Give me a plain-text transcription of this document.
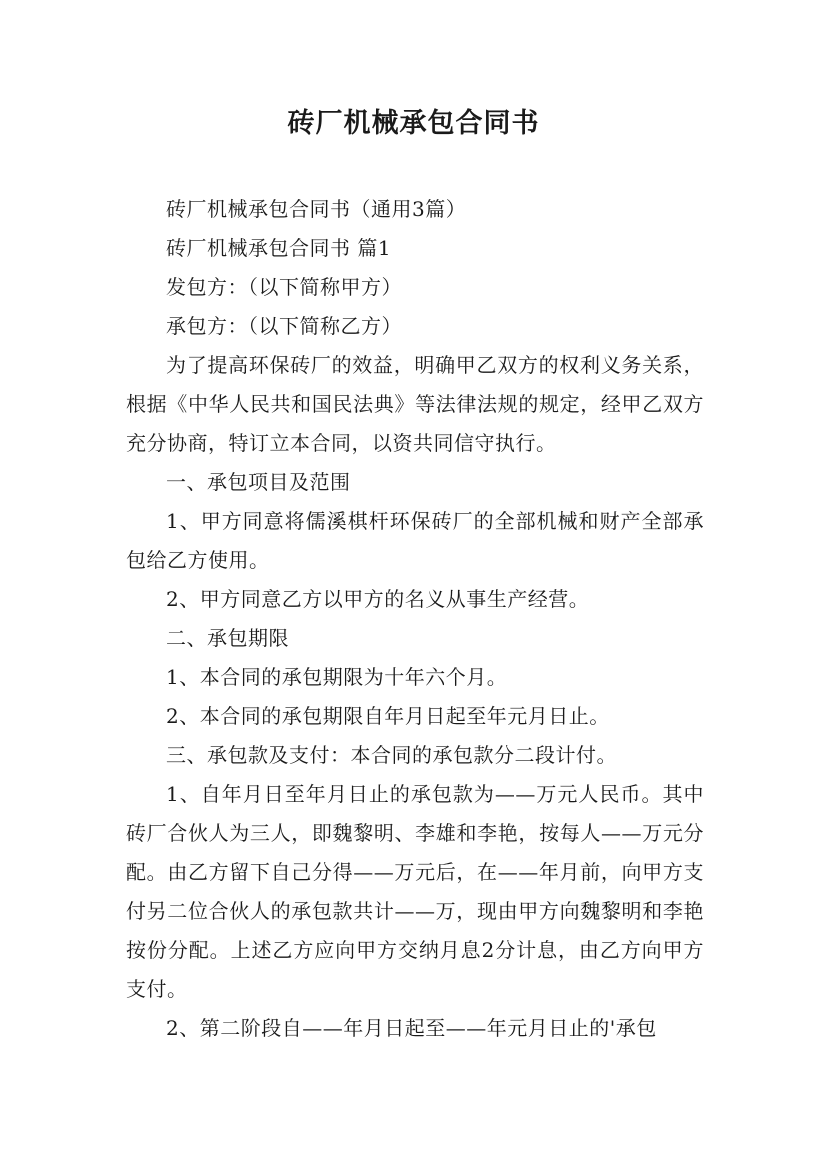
砖厂机械承包合同书

砖厂机械承包合同书（通用3篇）

砖厂机械承包合同书 篇1

发包方：（以下简称甲方）

承包方：（以下简称乙方）

为了提高环保砖厂的效益，明确甲乙双方的权利义务关系，根据《中华人民共和国民法典》等法律法规的规定，经甲乙双方充分协商，特订立本合同，以资共同信守执行。

一、承包项目及范围

1、甲方同意将儒溪棋杆环保砖厂的全部机械和财产全部承包给乙方使用。

2、甲方同意乙方以甲方的名义从事生产经营。

二、承包期限

1、本合同的承包期限为十年六个月。

2、本合同的承包期限自年月日起至年元月日止。

三、承包款及支付：本合同的承包款分二段计付。

1、自年月日至年月日止的承包款为——万元人民币。其中砖厂合伙人为三人，即魏黎明、李雄和李艳，按每人——万元分配。由乙方留下自己分得——万元后，在——年月前，向甲方支付另二位合伙人的承包款共计——万，现由甲方向魏黎明和李艳按份分配。上述乙方应向甲方交纳月息2分计息，由乙方向甲方支付。

2、第二阶段自——年月日起至——年元月日止的'承包
